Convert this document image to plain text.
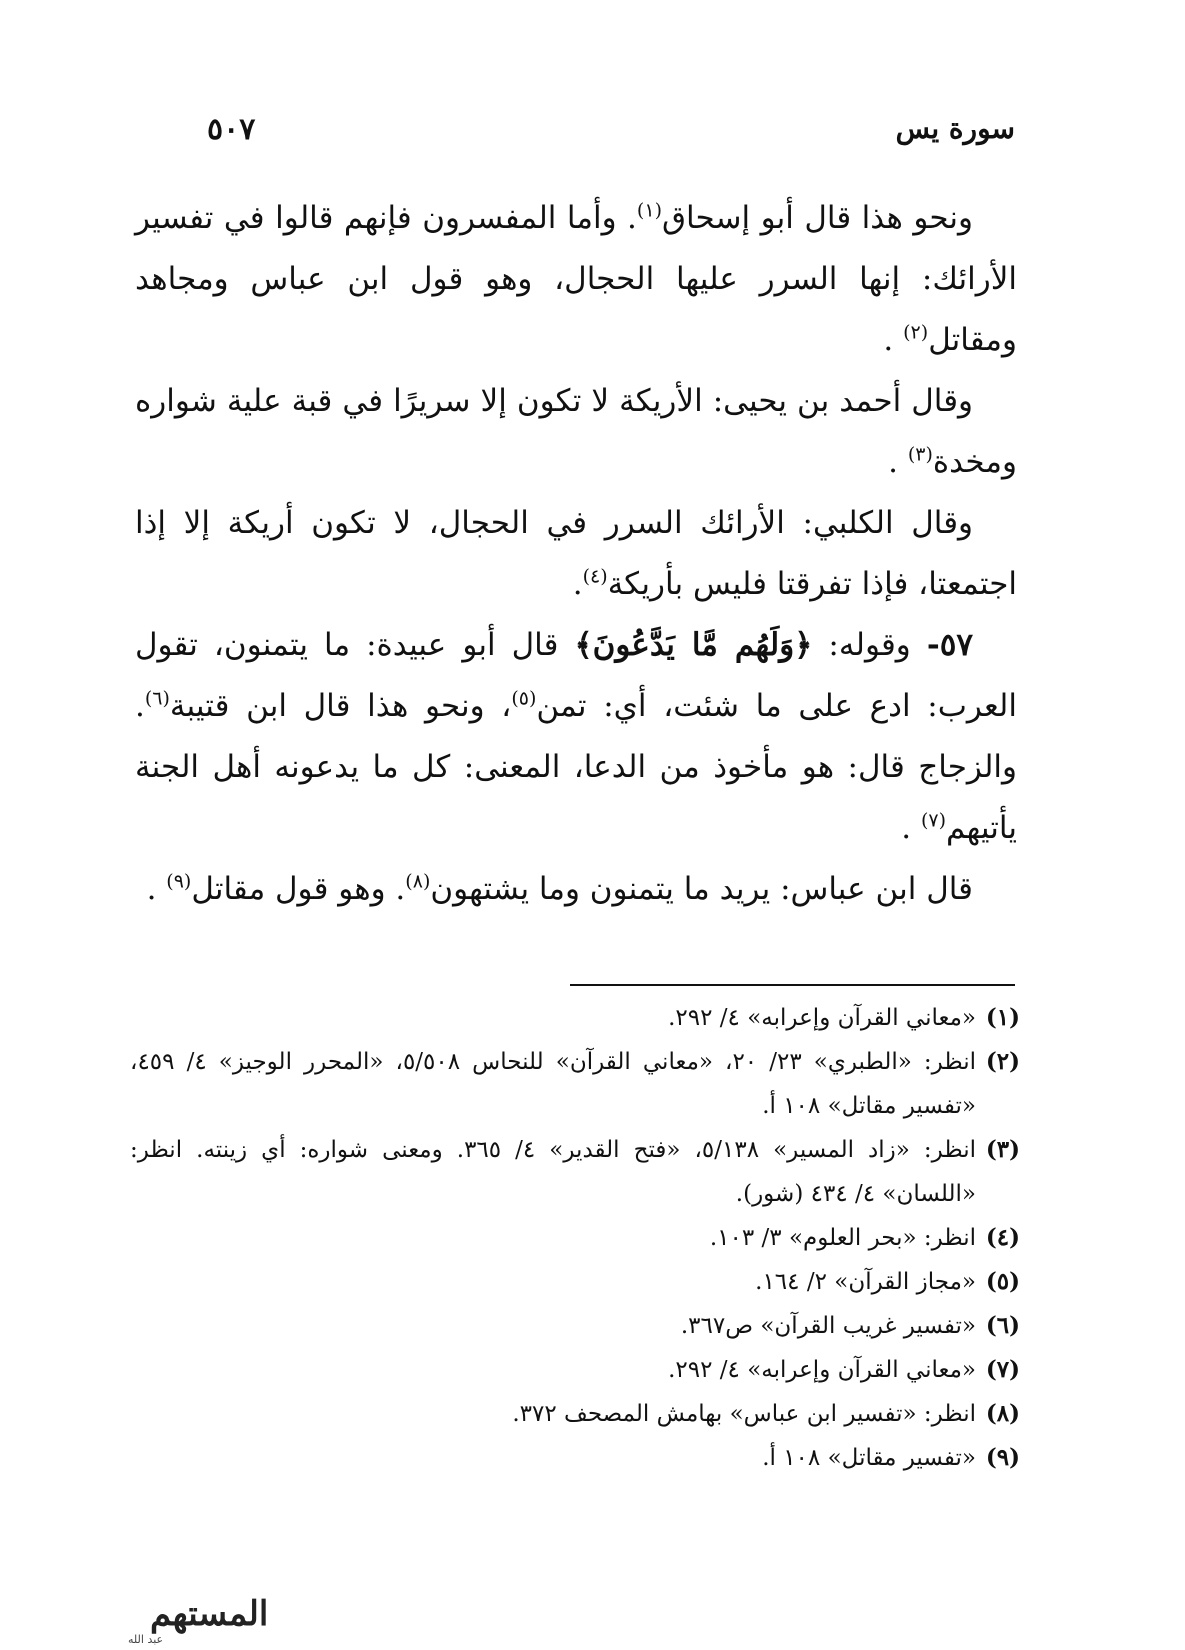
سورة يس
٥٠٧

ونحو هذا قال أبو إسحاق$^{(١)}$. وأما المفسرون فإنهم قالوا في تفسير الأرائك: إنها السرر عليها الحجال، وهو قول ابن عباس ومجاهد ومقاتل$^{(٢)}$ .

وقال أحمد بن يحيى: الأريكة لا تكون إلا سريرًا في قبة علية شواره ومخدة$^{(٣)}$ .

وقال الكلبي: الأرائك السرر في الحجال، لا تكون أريكة إلا إذا اجتمعتا، فإذا تفرقتا فليس بأريكة$^{(٤)}$.

٥٧- وقوله: ﴿وَلَهُم مَّا يَدَّعُونَ﴾ قال أبو عبيدة: ما يتمنون، تقول العرب: ادع على ما شئت، أي: تمن$^{(٥)}$، ونحو هذا قال ابن قتيبة$^{(٦)}$. والزجاج قال: هو مأخوذ من الدعا، المعنى: كل ما يدعونه أهل الجنة يأتيهم$^{(٧)}$ .

قال ابن عباس: يريد ما يتمنون وما يشتهون$^{(٨)}$. وهو قول مقاتل$^{(٩)}$ .

(١)
«معاني القرآن وإعرابه» ٤/ ٢٩٢.
(٢)
انظر: «الطبري» ٢٣/ ٢٠، «معاني القرآن» للنحاس ٥/٥٠٨، «المحرر الوجيز» ٤/ ٤٥٩، «تفسير مقاتل» ١٠٨ أ.
(٣)
انظر: «زاد المسير» ٥/١٣٨، «فتح القدير» ٤/ ٣٦٥. ومعنى شواره: أي زينته. انظر: «اللسان» ٤/ ٤٣٤ (شور).
(٤)
انظر: «بحر العلوم» ٣/ ١٠٣.
(٥)
«مجاز القرآن» ٢/ ١٦٤.
(٦)
«تفسير غريب القرآن» ص٣٦٧.
(٧)
«معاني القرآن وإعرابه» ٤/ ٢٩٢.
(٨)
انظر: «تفسير ابن عباس» بهامش المصحف ٣٧٢.
(٩)
«تفسير مقاتل» ١٠٨ أ.
المستهم
عبد الله
